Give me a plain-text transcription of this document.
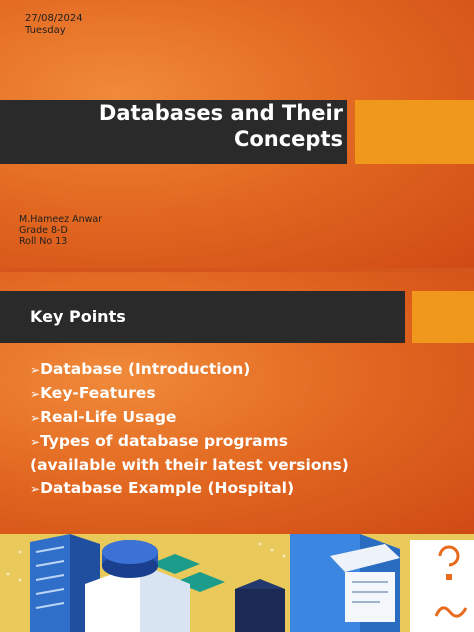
27/08/2024
Tuesday
Databases and Their
Concepts
M.Hameez Anwar
Grade 8-D
Roll No 13
Key Points
➢Database (Introduction)
➢Key-Features
➢Real-Life Usage
➢Types of database programs
(available with their latest versions)
➢Database Example (Hospital)
